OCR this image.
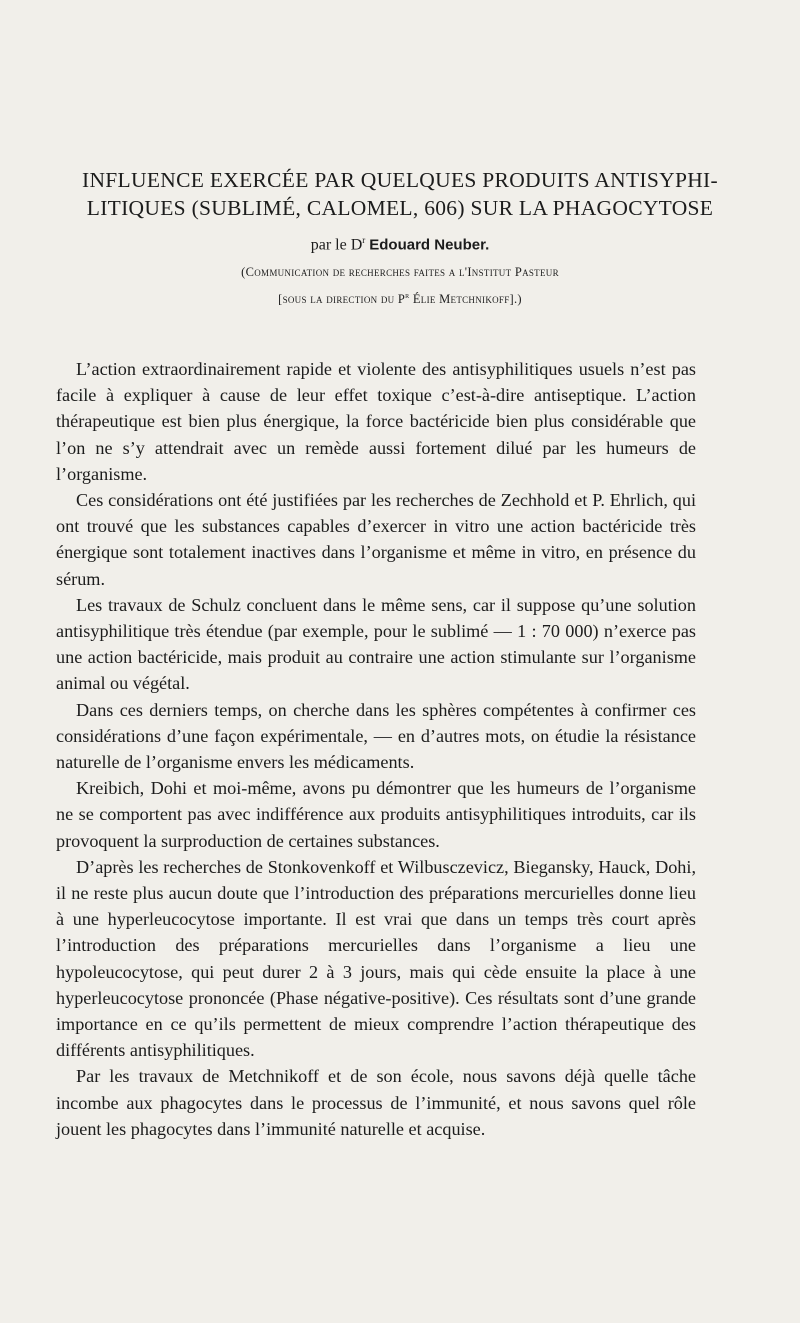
INFLUENCE EXERCÉE PAR QUELQUES PRODUITS ANTISYPHI-
LITIQUES (SUBLIMÉ, CALOMEL, 606) SUR LA PHAGOCYTOSE
par le $D^r$ Edouard Neuber.
(Communication de recherches faites a l'Institut Pasteur
[sous la direction du $P^r$ Élie Metchnikoff].)

L’action extraordinairement rapide et violente des antisyphilitiques usuels n’est pas facile à expliquer à cause de leur effet toxique c’est-à-dire antiseptique. L’action thérapeutique est bien plus énergique, la force bactéricide bien plus considérable que l’on ne s’y attendrait avec un remède aussi fortement dilué par les humeurs de l’organisme.

Ces considérations ont été justifiées par les recherches de Zechhold et P. Ehrlich, qui ont trouvé que les substances capables d’exercer in vitro une action bactéricide très énergique sont totalement inactives dans l’organisme et même in vitro, en présence du sérum.

Les travaux de Schulz concluent dans le même sens, car il suppose qu’une solution antisyphilitique très étendue (par exemple, pour le sublimé — 1 : 70 000) n’exerce pas une action bactéricide, mais produit au contraire une action stimulante sur l’organisme animal ou végétal.

Dans ces derniers temps, on cherche dans les sphères compétentes à confirmer ces considérations d’une façon expérimentale, — en d’autres mots, on étudie la résistance naturelle de l’organisme envers les médicaments.

Kreibich, Dohi et moi-même, avons pu démontrer que les humeurs de l’organisme ne se comportent pas avec indifférence aux produits antisyphilitiques introduits, car ils provoquent la surproduction de certaines substances.

D’après les recherches de Stonkovenkoff et Wilbusczevicz, Biegansky, Hauck, Dohi, il ne reste plus aucun doute que l’introduction des préparations mercurielles donne lieu à une hyperleucocytose importante. Il est vrai que dans un temps très court après l’introduction des préparations mercurielles dans l’organisme a lieu une hypoleucocytose, qui peut durer 2 à 3 jours, mais qui cède ensuite la place à une hyperleucocytose prononcée (Phase négative-positive). Ces résultats sont d’une grande importance en ce qu’ils permettent de mieux comprendre l’action thérapeutique des différents antisyphilitiques.

Par les travaux de Metchnikoff et de son école, nous savons déjà quelle tâche incombe aux phagocytes dans le processus de l’immunité, et nous savons quel rôle jouent les phagocytes dans l’immunité naturelle et acquise.
